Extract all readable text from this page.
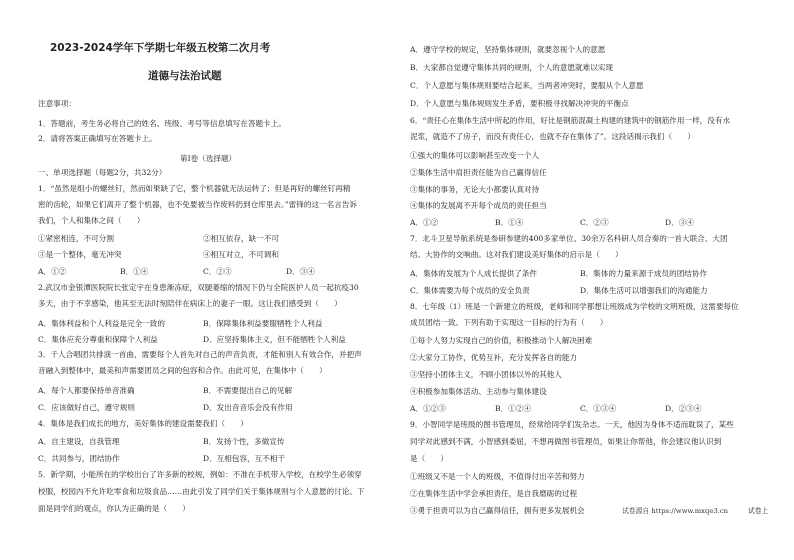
2023-2024学年下学期七年级五校第二次月考
道德与法治试题
注意事项：
1．答题前，考生务必将自己的姓名、班级、考号等信息填写在答题卡上。
2．请将答案正确填写在答题卡上。
第I卷（选择题）
一、单项选择题（每题2分，共32分）
1．“虽然是组小的螺丝钉，然而如果缺了它，整个机器就无法运转了；但是再好的螺丝钉再精
密的齿轮，如果它们离开了整个机器，也不免要被当作废料扔到仓库里去。”雷锋的这一名言告诉
我们，个人和集体之间（　　）
①紧密相连，不可分割	②相互依存，缺一不可
③是一个整体，毫无冲突	④相互对立，不可调和
A．①②	B．①④	C．②③	D．③④
2.武汉市金银潭医院院长张定宇在身患渐冻症，双腿萎缩的情况下仍与全院医护人员一起抗疫30
多天，由于不幸感染，他其至无法时刻陪伴在病床上的妻子一眼。这让我们感受到（　　）
A．集体利益和个人利益是完全一致的	B．保障集体利益要服牺牲个人利益
C．集体应充分尊重和保障个人利益	D．应坚持集体主义，但不能牺牲个人利益
3．千人合唱团共排演一首曲，需要每个人首先对自己的声音负责，才能和别人有效合作，并把声
音融入到整体中，最美和声需要团员之间的包容和合作。由此可见，在集体中（　　）
A．每个人都要保持单音准确	B．不需要提出自己的见解
C．应该做好自己，遵守规则	D．发出音音乐会没有作用
4．集体是我们成长的地方，美好集体的建设需要我们（　　）
A．自主建设，自我管理	B．发扬个性，多做宣传
C．共同参与，团结协作	D．互相包容，互不相干
5．新学期，小能所在的学校出台了许多新的校规，例如：不准在手机带入学校，在校学生必须穿
校服，校园内不允许吃零食和垃圾食品……由此引发了同学们关于集体规则与个人意愿的讨论。下
面是同学们的观点，你认为正确的是（　　）
A．遵守学校的规定，坚持集体规则，就要忽视个人的意愿
B．大家都自觉遵守集体共同的规则，个人的意愿就难以实现
C．个人意愿与集体规则要结合起来，当两者冲突时，要服从个人意愿
D．个人意愿与集体规则发生矛盾，要积极寻找解决冲突的平衡点
6．“责任心在集体生活中所起的作用，好比是钢筋混凝土构建的建筑中的钢筋作用一样，没有水
泥浆，就造不了房子，而没有责任心，也就不存在集体了”。这段话揭示我们（　　）
①强大的集体可以影响甚至改变一个人
②集体生活中肩担责任能为自己赢得信任
③集体的事务，无论大小都要认真对待
④集体的发展离不开每个成员的责任担当
A．①②	B．①④	C．②③	D．③④
7．北斗卫星导航系统是参研参建的400多家单位、30余万名科研人员合奏的一首大联合、大团
结、大协作的交响曲。这对我们建设美好集体的启示是（　　）
A．集体的发展为个人成长提供了条件	B．集体的力量来源于成员的团结协作
C．集体需要为每个成员的安全负责	D．集体生活可以增强我们的沟通能力
8．七年级（1）班是一个新建立的班级，老师和同学都想让班级成为学校的文明班级，这需要每位
成员团结一致。下列有助于实现这一目标的行为有（　　）
①每个人努力实现自己的价值，积极推动个人解决困难
②大家分工协作，优势互补，充分发挥各自的能力
③坚持小团体主义，不顾小团体以外的其他人
④积极参加集体活动、主动参与集体建设
A．①②③	B．①②④	C．①③④	D．②③④
9．小智同学是班级的图书管理员，经常给同学们发杂志。一天，他因为身体不适而耽误了，某些
同学对此感到不满，小智感到委屈，不想再做图书管理员，如果让你帮他，你会建议他认识到
是（　　）
①班级又不是一个人的班级，不值得付出辛苦和努力
②在集体生活中学会承担责任，是自我磨砺的过程
③勇于担责可以为自己赢得信任，拥有更多发展机会	试卷源自 https://www.mxqe3.cn	试卷上
